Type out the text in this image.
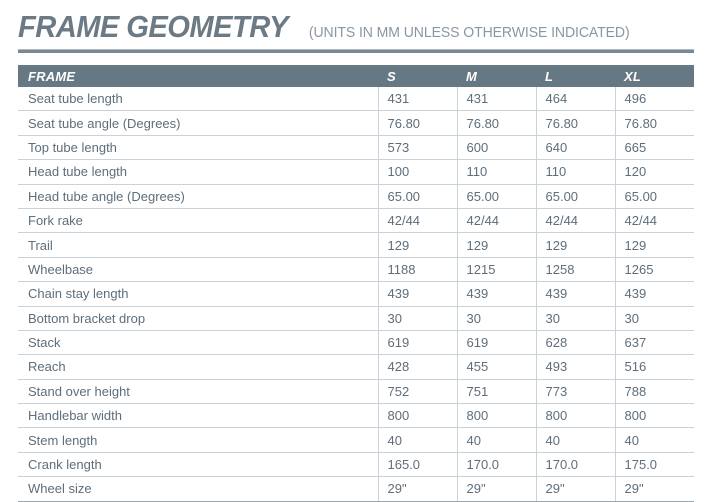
FRAME GEOMETRY (UNITS IN MM UNLESS OTHERWISE INDICATED)
FRAME	S	M	L	XL
Seat tube length	431	431	464	496
Seat tube angle (Degrees)	76.80	76.80	76.80	76.80
Top tube length	573	600	640	665
Head tube length	100	110	110	120
Head tube angle (Degrees)	65.00	65.00	65.00	65.00
Fork rake	42/44	42/44	42/44	42/44
Trail	129	129	129	129
Wheelbase	1188	1215	1258	1265
Chain stay length	439	439	439	439
Bottom bracket drop	30	30	30	30
Stack	619	619	628	637
Reach	428	455	493	516
Stand over height	752	751	773	788
Handlebar width	800	800	800	800
Stem length	40	40	40	40
Crank length	165.0	170.0	170.0	175.0
Wheel size	29"	29"	29"	29"
